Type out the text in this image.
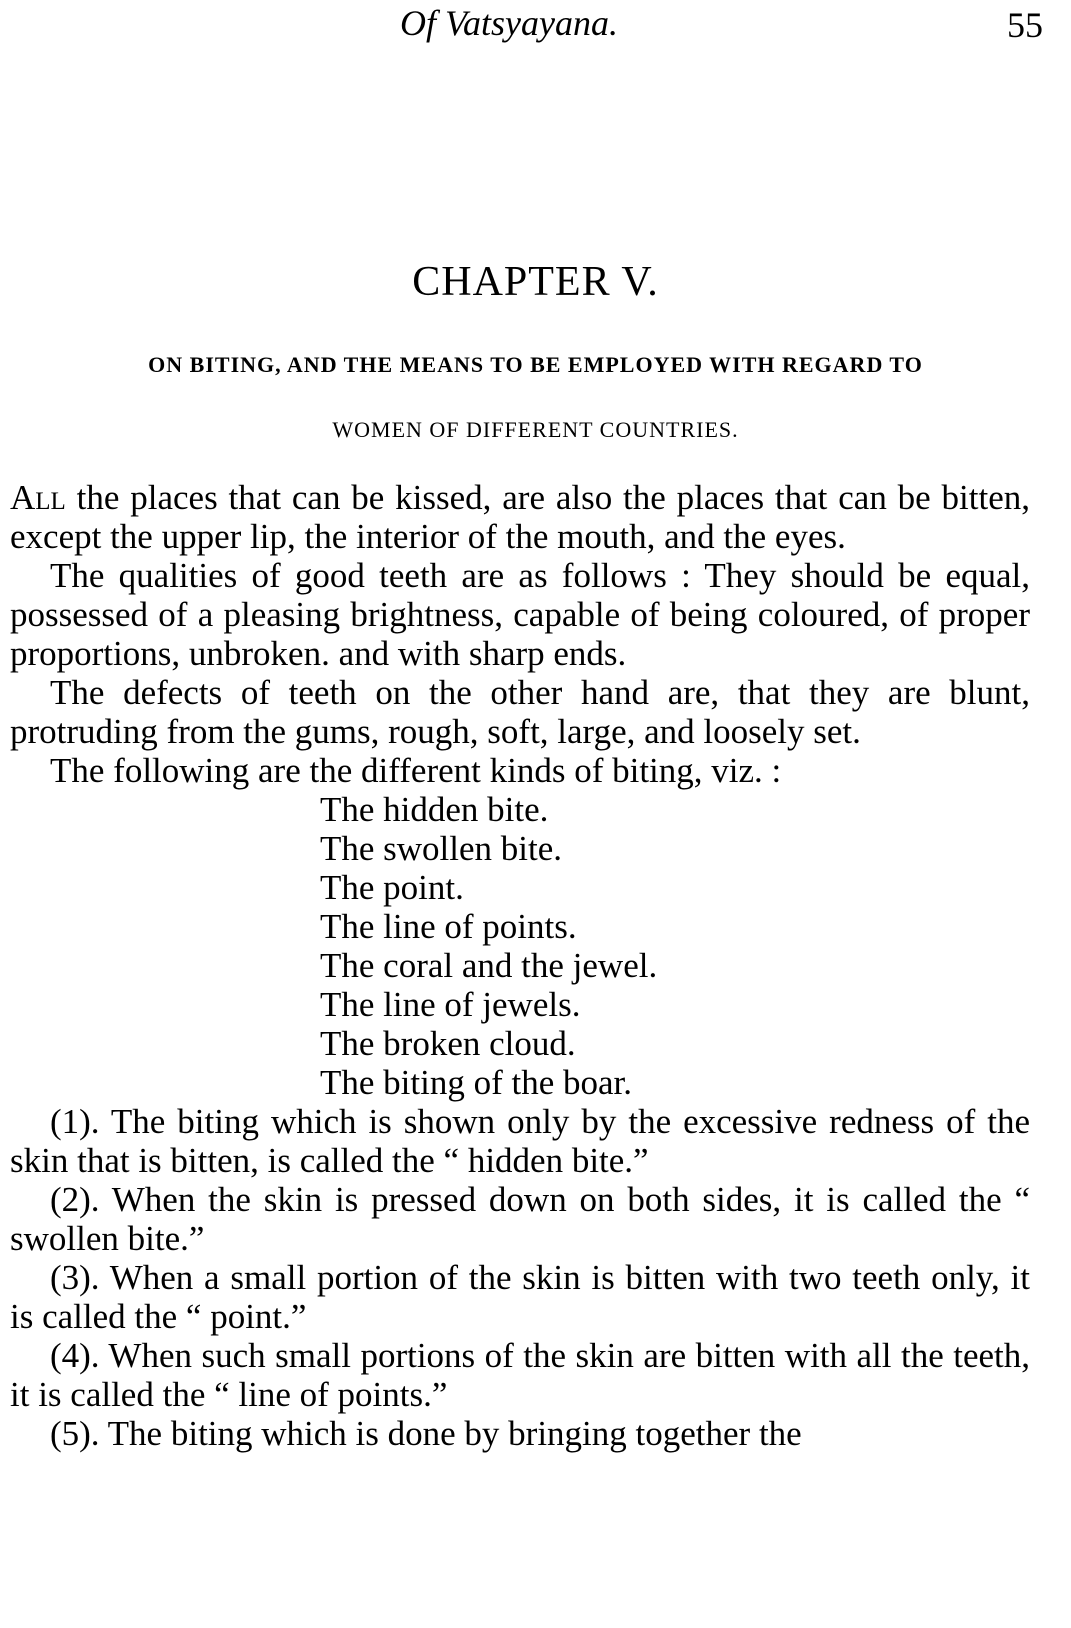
Of Vatsyayana.	55
CHAPTER V.
ON BITING, AND THE MEANS TO BE EMPLOYED WITH REGARD TO
WOMEN OF DIFFERENT COUNTRIES.

All the places that can be kissed, are also the places that can be bitten, except the upper lip, the interior of the mouth, and the eyes.

The qualities of good teeth are as follows : They should be equal, possessed of a pleasing brightness, capable of being coloured, of proper proportions, unbroken. and with sharp ends.

The defects of teeth on the other hand are, that they are blunt, protruding from the gums, rough, soft, large, and loosely set.

The following are the different kinds of biting, viz. :

The hidden bite.
The swollen bite.
The point.
The line of points.
The coral and the jewel.
The line of jewels.
The broken cloud.
The biting of the boar.

(1). The biting which is shown only by the excessive redness of the skin that is bitten, is called the “ hidden bite.”

(2). When the skin is pressed down on both sides, it is called the “ swollen bite.”

(3). When a small portion of the skin is bitten with two teeth only, it is called the “ point.”

(4). When such small portions of the skin are bitten with all the teeth, it is called the “ line of points.”

(5). The biting which is done by bringing together the
